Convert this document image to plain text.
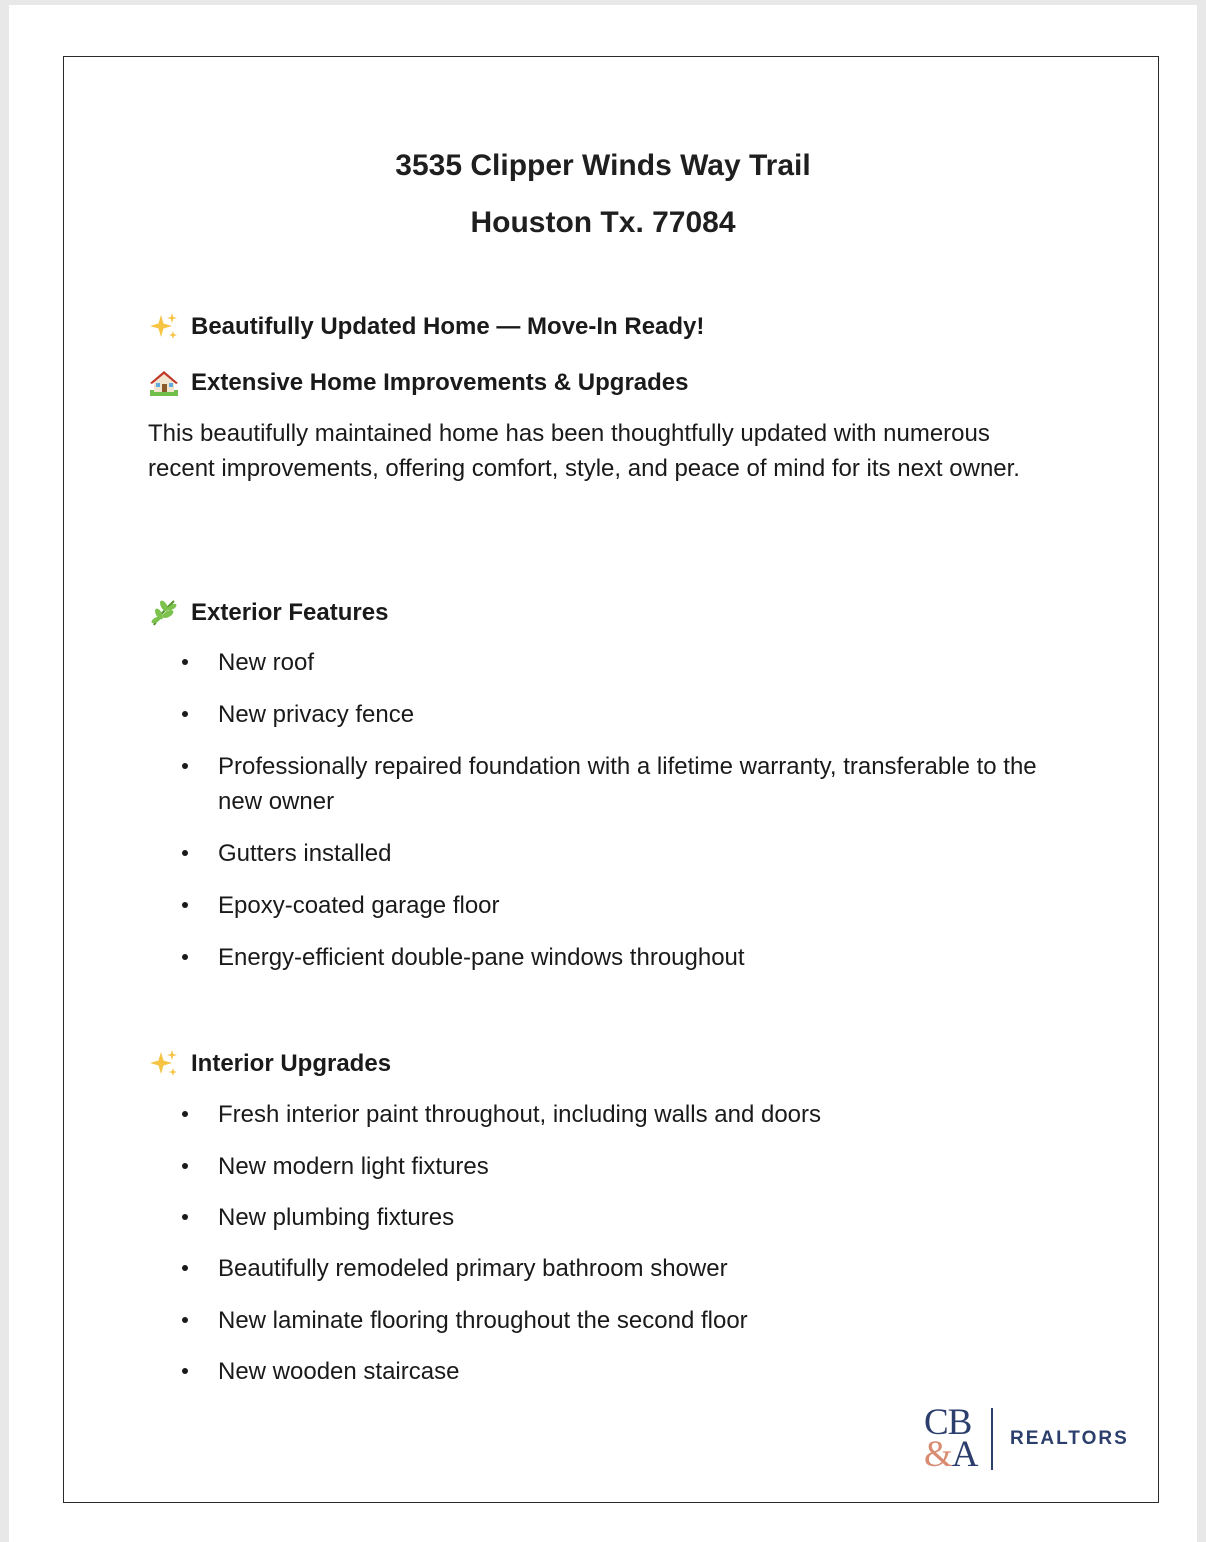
3535 Clipper Winds Way Trail
Houston Tx. 77084
Beautifully Updated Home — Move-In Ready!
Extensive Home Improvements & Upgrades

This beautifully maintained home has been thoughtfully updated with numerous recent improvements, offering comfort, style, and peace of mind for its next owner.

Exterior Features
New roof
New privacy fence
Professionally repaired foundation with a lifetime warranty, transferable to the new owner
Gutters installed
Epoxy-coated garage floor
Energy-efficient double-pane windows throughout
Interior Upgrades
Fresh interior paint throughout, including walls and doors
New modern light fixtures
New plumbing fixtures
Beautifully remodeled primary bathroom shower
New laminate flooring throughout the second floor
New wooden staircase
CB
&A REALTORS
